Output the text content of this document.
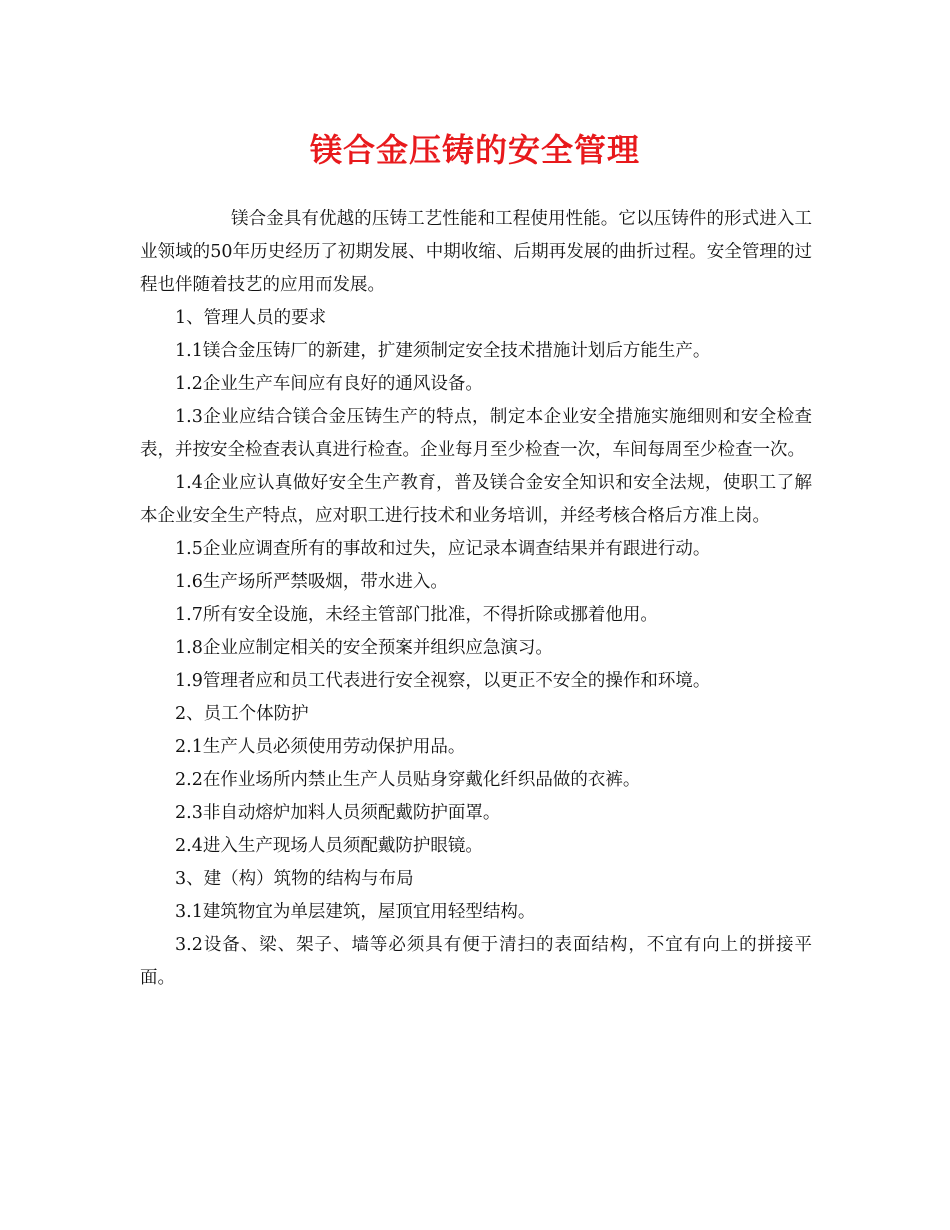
镁合金压铸的安全管理

镁合金具有优越的压铸工艺性能和工程使用性能。它以压铸件的形式进入工业领域的50年历史经历了初期发展、中期收缩、后期再发展的曲折过程。安全管理的过程也伴随着技艺的应用而发展。

1、管理人员的要求

1.1镁合金压铸厂的新建，扩建须制定安全技术措施计划后方能生产。

1.2企业生产车间应有良好的通风设备。

1.3企业应结合镁合金压铸生产的特点，制定本企业安全措施实施细则和安全检查表，并按安全检查表认真进行检查。企业每月至少检查一次，车间每周至少检查一次。

1.4企业应认真做好安全生产教育，普及镁合金安全知识和安全法规，使职工了解本企业安全生产特点，应对职工进行技术和业务培训，并经考核合格后方准上岗。

1.5企业应调查所有的事故和过失，应记录本调查结果并有跟进行动。

1.6生产场所严禁吸烟，带水进入。

1.7所有安全设施，未经主管部门批准，不得折除或挪着他用。

1.8企业应制定相关的安全预案并组织应急演习。

1.9管理者应和员工代表进行安全视察，以更正不安全的操作和环境。

2、员工个体防护

2.1生产人员必须使用劳动保护用品。

2.2在作业场所内禁止生产人员贴身穿戴化纤织品做的衣裤。

2.3非自动熔炉加料人员须配戴防护面罩。

2.4进入生产现场人员须配戴防护眼镜。

3、建（构）筑物的结构与布局

3.1建筑物宜为单层建筑，屋顶宜用轻型结构。

3.2设备、梁、架子、墙等必须具有便于清扫的表面结构，不宜有向上的拼接平面。
